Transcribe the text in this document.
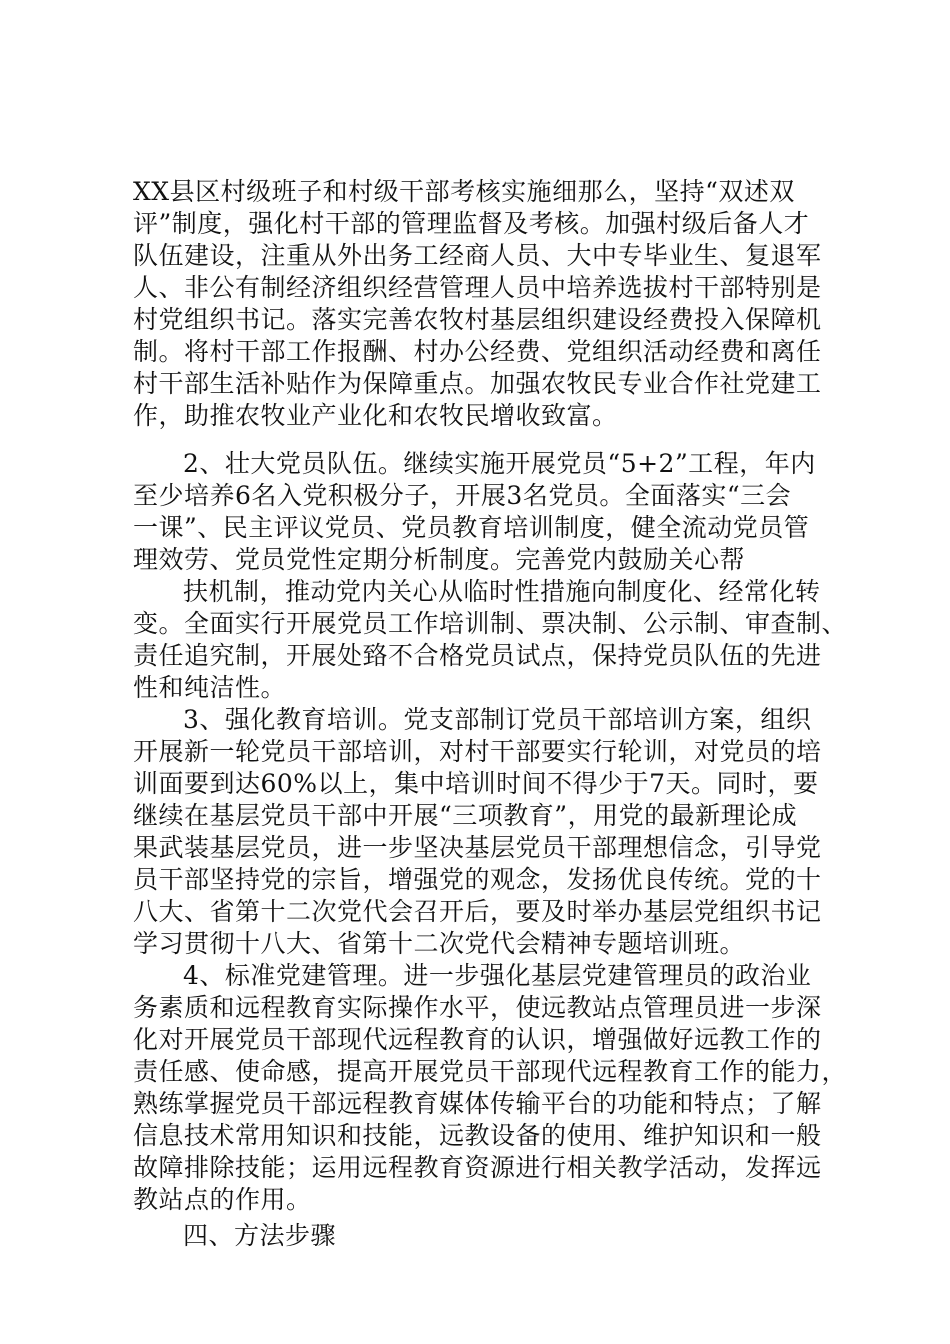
XX县区村级班子和村级干部考核实施细那么，坚持“双述双
评”制度，强化村干部的管理监督及考核。加强村级后备人才
队伍建设，注重从外出务工经商人员、大中专毕业生、复退军
人、非公有制经济组织经营管理人员中培养选拔村干部特别是
村党组织书记。落实完善农牧村基层组织建设经费投入保障机
制。将村干部工作报酬、村办公经费、党组织活动经费和离任
村干部生活补贴作为保障重点。加强农牧民专业合作社党建工
作，助推农牧业产业化和农牧民增收致富。
2、壮大党员队伍。继续实施开展党员“5+2”工程，年内
至少培养6名入党积极分子，开展3名党员。全面落实“三会
一课”、民主评议党员、党员教育培训制度，健全流动党员管
理效劳、党员党性定期分析制度。完善党内鼓励关心帮
扶机制，推动党内关心从临时性措施向制度化、经常化转
变。全面实行开展党员工作培训制、票决制、公示制、审查制、
责任追究制，开展处臵不合格党员试点，保持党员队伍的先进
性和纯洁性。
3、强化教育培训。党支部制订党员干部培训方案，组织
开展新一轮党员干部培训，对村干部要实行轮训，对党员的培
训面要到达60%以上，集中培训时间不得少于7天。同时，要
继续在基层党员干部中开展“三项教育”，用党的最新理论成
果武装基层党员，进一步坚决基层党员干部理想信念，引导党
员干部坚持党的宗旨，增强党的观念，发扬优良传统。党的十
八大、省第十二次党代会召开后，要及时举办基层党组织书记
学习贯彻十八大、省第十二次党代会精神专题培训班。
4、标准党建管理。进一步强化基层党建管理员的政治业
务素质和远程教育实际操作水平，使远教站点管理员进一步深
化对开展党员干部现代远程教育的认识，增强做好远教工作的
责任感、使命感，提高开展党员干部现代远程教育工作的能力，
熟练掌握党员干部远程教育媒体传输平台的功能和特点；了解
信息技术常用知识和技能，远教设备的使用、维护知识和一般
故障排除技能；运用远程教育资源进行相关教学活动，发挥远
教站点的作用。
四、方法步骤
